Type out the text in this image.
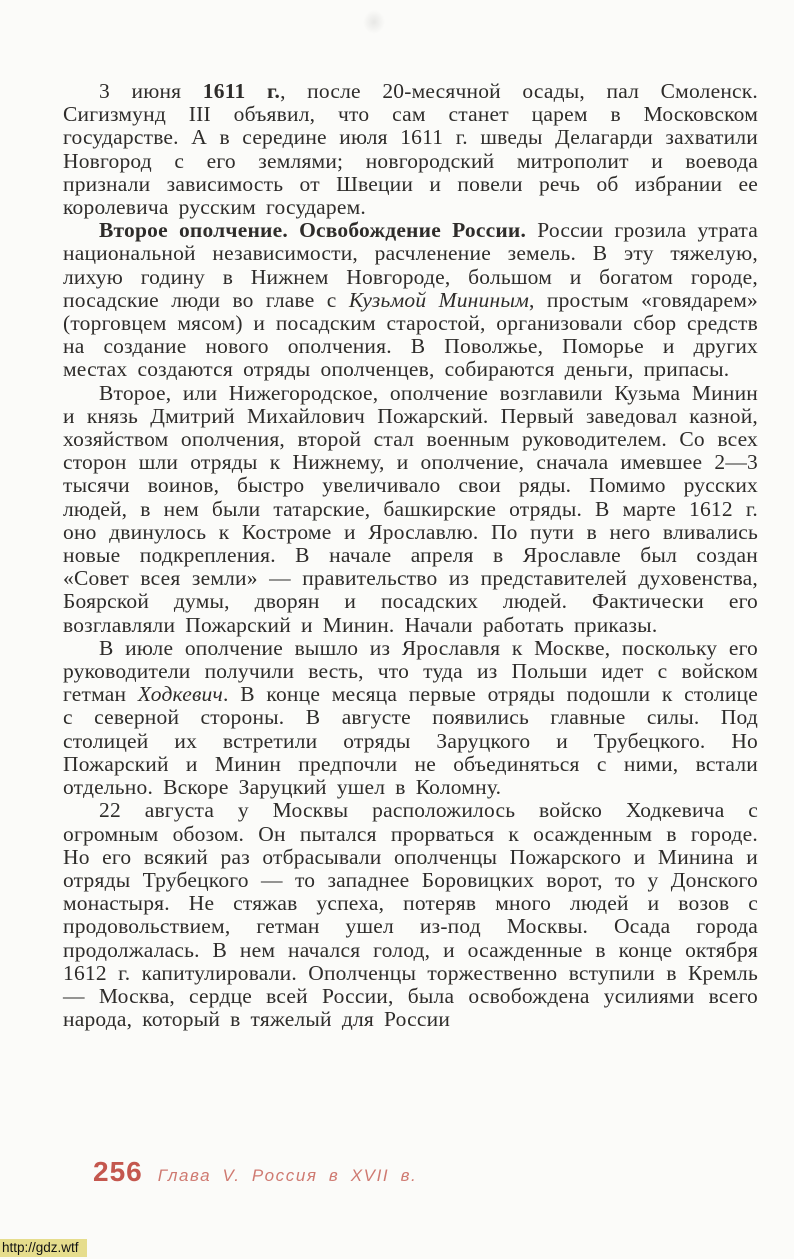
3 июня 1611 г., после 20-месячной осады, пал Смоленск. Сигизмунд III объявил, что сам станет царем в Московском государстве. А в середине июля 1611 г. шведы Делагарди захватили Новгород с его землями; новгородский митрополит и воевода признали зависимость от Швеции и повели речь об избрании ее королевича русским государем.

Второе ополчение. Освобождение России. России грозила утрата национальной независимости, расчленение земель. В эту тяжелую, лихую годину в Нижнем Новгороде, большом и богатом городе, посадские люди во главе с Кузьмой Мининым, простым «говядарем» (торговцем мясом) и посадским старостой, организовали сбор средств на создание нового ополчения. В Поволжье, Поморье и других местах создаются отряды ополченцев, собираются деньги, припасы.

Второе, или Нижегородское, ополчение возглавили Кузьма Минин и князь Дмитрий Михайлович Пожарский. Первый заведовал казной, хозяйством ополчения, второй стал военным руководителем. Со всех сторон шли отряды к Нижнему, и ополчение, сначала имевшее 2—3 тысячи воинов, быстро увеличивало свои ряды. Помимо русских людей, в нем были татарские, башкирские отряды. В марте 1612 г. оно двинулось к Костроме и Ярославлю. По пути в него вливались новые подкрепления. В начале апреля в Ярославле был создан «Совет всея земли» — правительство из представителей духовенства, Боярской думы, дворян и посадских людей. Фактически его возглавляли Пожарский и Минин. Начали работать приказы.

В июле ополчение вышло из Ярославля к Москве, поскольку его руководители получили весть, что туда из Польши идет с войском гетман Ходкевич. В конце месяца первые отряды подошли к столице с северной стороны. В августе появились главные силы. Под столицей их встретили отряды Заруцкого и Трубецкого. Но Пожарский и Минин предпочли не объединяться с ними, встали отдельно. Вскоре Заруцкий ушел в Коломну.

22 августа у Москвы расположилось войско Ходкевича с огромным обозом. Он пытался прорваться к осажденным в городе. Но его всякий раз отбрасывали ополченцы Пожарского и Минина и отряды Трубецкого — то западнее Боровицких ворот, то у Донского монастыря. Не стяжав успеха, потеряв много людей и возов с продовольствием, гетман ушел из-под Москвы. Осада города продолжалась. В нем начался голод, и осажденные в конце октября 1612 г. капитулировали. Ополченцы торжественно вступили в Кремль — Москва, сердце всей России, была освобождена усилиями всего народа, который в тяжелый для России

256 Глава V. Россия в XVII в.
http://gdz.wtf
